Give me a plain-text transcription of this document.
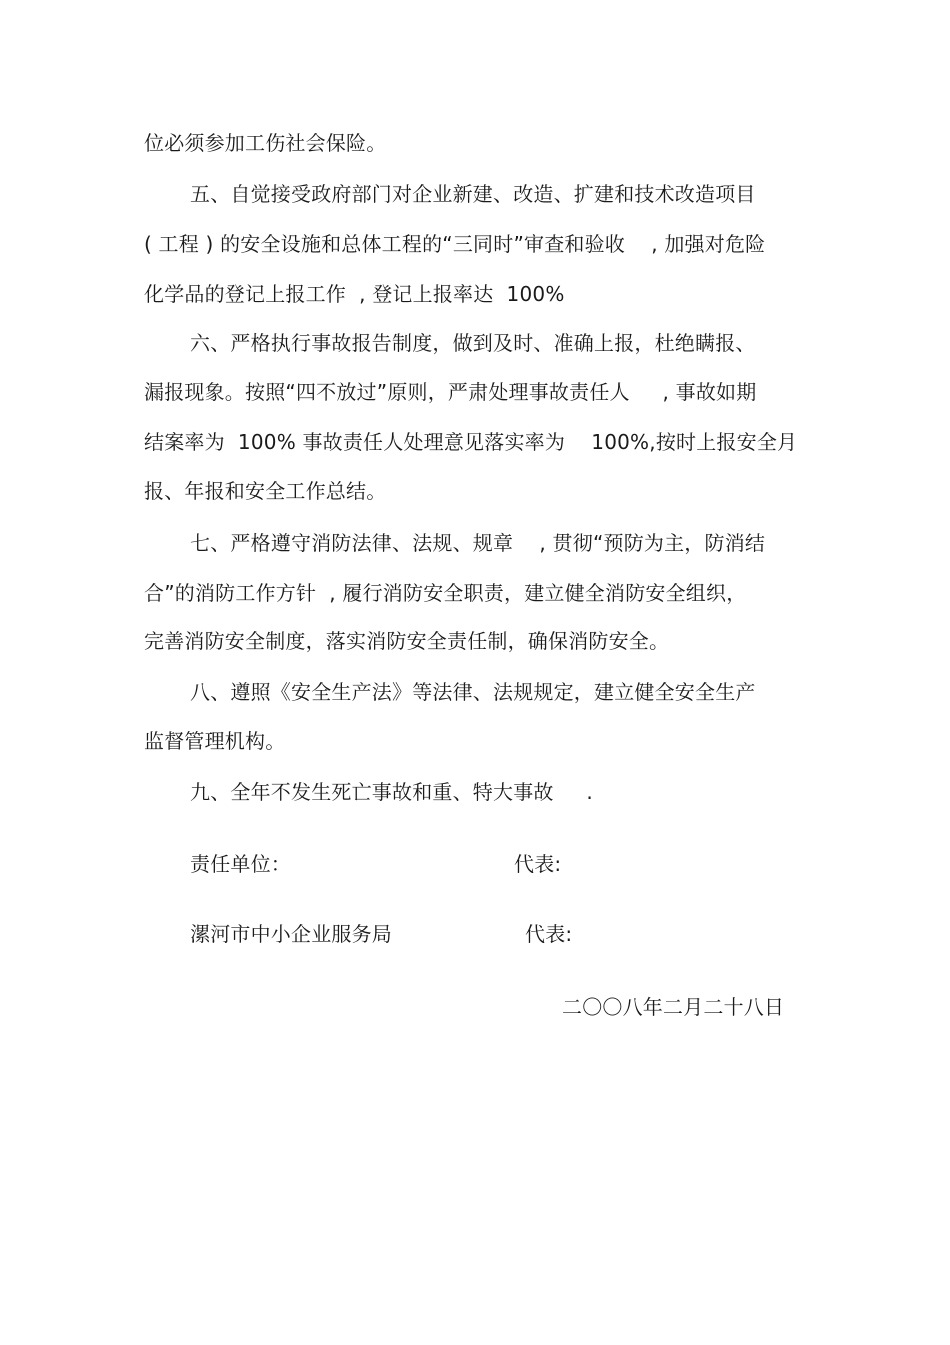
位必须参加工伤社会保险。
五、自觉接受政府部门对企业新建、改造、扩建和技术改造项目
( 工程 ) 的安全设施和总体工程的“三同时”审查和验收    , 加强对危险
化学品的登记上报工作  , 登记上报率达  100%
六、严格执行事故报告制度，做到及时、准确上报，杜绝瞒报、
漏报现象。按照“四不放过”原则，严肃处理事故责任人     , 事故如期
结案率为  100% 事故责任人处理意见落实率为    100%,按时上报安全月
报、年报和安全工作总结。
七、严格遵守消防法律、法规、规章    , 贯彻“预防为主，防消结
合”的消防工作方针  , 履行消防安全职责，建立健全消防安全组织，
完善消防安全制度，落实消防安全责任制，确保消防安全。
八、遵照《安全生产法》等法律、法规规定，建立健全安全生产
监督管理机构。
九、全年不发生死亡事故和重、特大事故     .
责任单位：	代表:
漯河市中小企业服务局	代表:
二〇〇八年二月二十八日
